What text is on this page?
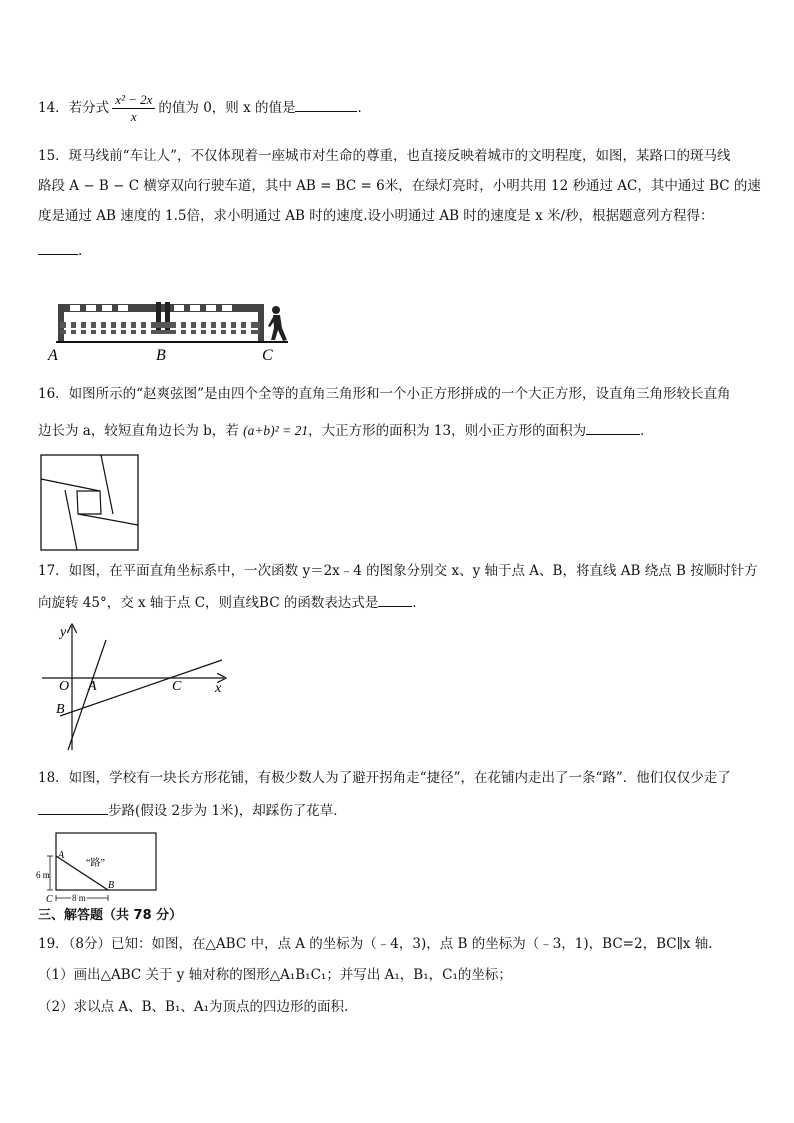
14．若分式 $\frac{\text{x² − 2x}}{x}$ 的值为 0，则 x 的值是	．
15．斑马线前“车让人”，不仅体现着一座城市对生命的尊重，也直接反映着城市的文明程度，如图，某路口的斑马线
路段 A − B − C 横穿双向行驶车道，其中 AB = BC = 6米，在绿灯亮时，小明共用 12 秒通过 AC，其中通过 BC 的速
度是通过 AB 速度的 1.5倍，求小明通过 AB 时的速度.设小明通过 AB 时的速度是 x 米/秒，根据题意列方程得：
.
A	B	C
16．如图所示的“赵爽弦图”是由四个全等的直角三角形和一个小正方形拼成的一个大正方形，设直角三角形较长直角
边长为 a，较短直角边长为 b，若 (a+b)² = 21，大正方形的面积为 13，则小正方形的面积为	．
17．如图，在平面直角坐标系中，一次函数 y＝2x﹣4 的图象分别交 x、y 轴于点 A、B，将直线 AB 绕点 B 按顺时针方
向旋转 45°，交 x 轴于点 C，则直线BC 的函数表达式是	．
y
x
O A	C
B
18．如图，学校有一块长方形花铺，有极少数人为了避开拐角走“捷径”，在花铺内走出了一条“路”．他们仅仅少走了
步路(假设 2步为 1米)，却踩伤了花草．
A
B
C
“路”
6 m
8 m
三、解答题（共 78 分）
19．（8分）已知：如图，在△ABC 中，点 A 的坐标为（﹣4，3)，点 B 的坐标为（﹣3，1)，BC=2，BC∥x 轴.
（1）画出△ABC 关于 y 轴对称的图形△A₁B₁C₁；并写出 A₁，B₁，C₁的坐标；
（2）求以点 A、B、B₁、A₁为顶点的四边形的面积.
